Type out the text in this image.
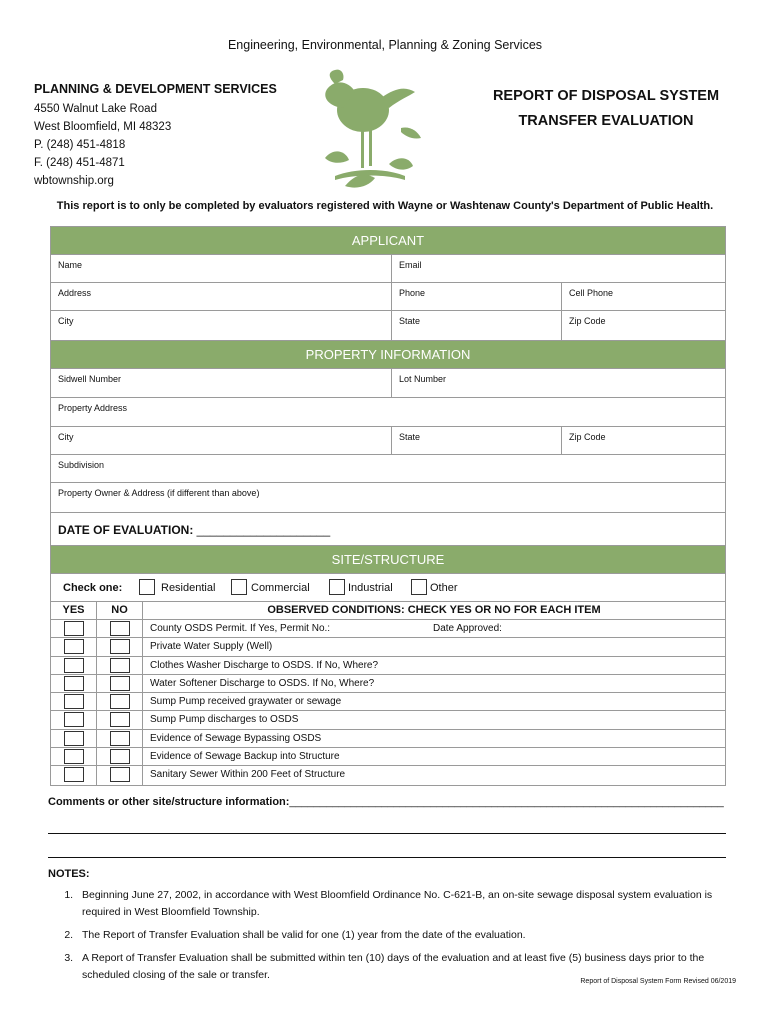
Engineering, Environmental, Planning & Zoning Services
PLANNING & DEVELOPMENT SERVICES
4550 Walnut Lake Road
West Bloomfield, MI 48323
P. (248) 451-4818
F. (248) 451-4871
wbtownship.org
REPORT OF DISPOSAL SYSTEM
TRANSFER EVALUATION
This report is to only be completed by evaluators registered with Wayne or Washtenaw County's Department of Public Health.
APPLICANT
Name	Email
Address	Phone	Cell Phone
City	State	Zip Code
PROPERTY INFORMATION
Sidwell Number	Lot Number
Property Address
City	State	Zip Code
Subdivision
Property Owner & Address (if different than above)
DATE OF EVALUATION: ____________________
SITE/STRUCTURE
Check one:	Residential	Commercial	Industrial	Other
YES	NO	OBSERVED CONDITIONS: CHECK YES OR NO FOR EACH ITEM
County OSDS Permit. If Yes, Permit No.:	Date Approved:
Private Water Supply (Well)
Clothes Washer Discharge to OSDS. If No, Where?
Water Softener Discharge to OSDS. If No, Where?
Sump Pump received graywater or sewage
Sump Pump discharges to OSDS
Evidence of Sewage Bypassing OSDS
Evidence of Sewage Backup into Structure
Sanitary Sewer Within 200 Feet of Structure
Comments or other site/structure information:_______________________________________________________________________
NOTES:
1. Beginning June 27, 2002, in accordance with West Bloomfield Ordinance No. C-621-B, an on-site sewage disposal system evaluation is required in West Bloomfield Township.
2. The Report of Transfer Evaluation shall be valid for one (1) year from the date of the evaluation.
3. A Report of Transfer Evaluation shall be submitted within ten (10) days of the evaluation and at least five (5) business days prior to the scheduled closing of the sale or transfer.
Report of Disposal System Form Revised 06/2019
